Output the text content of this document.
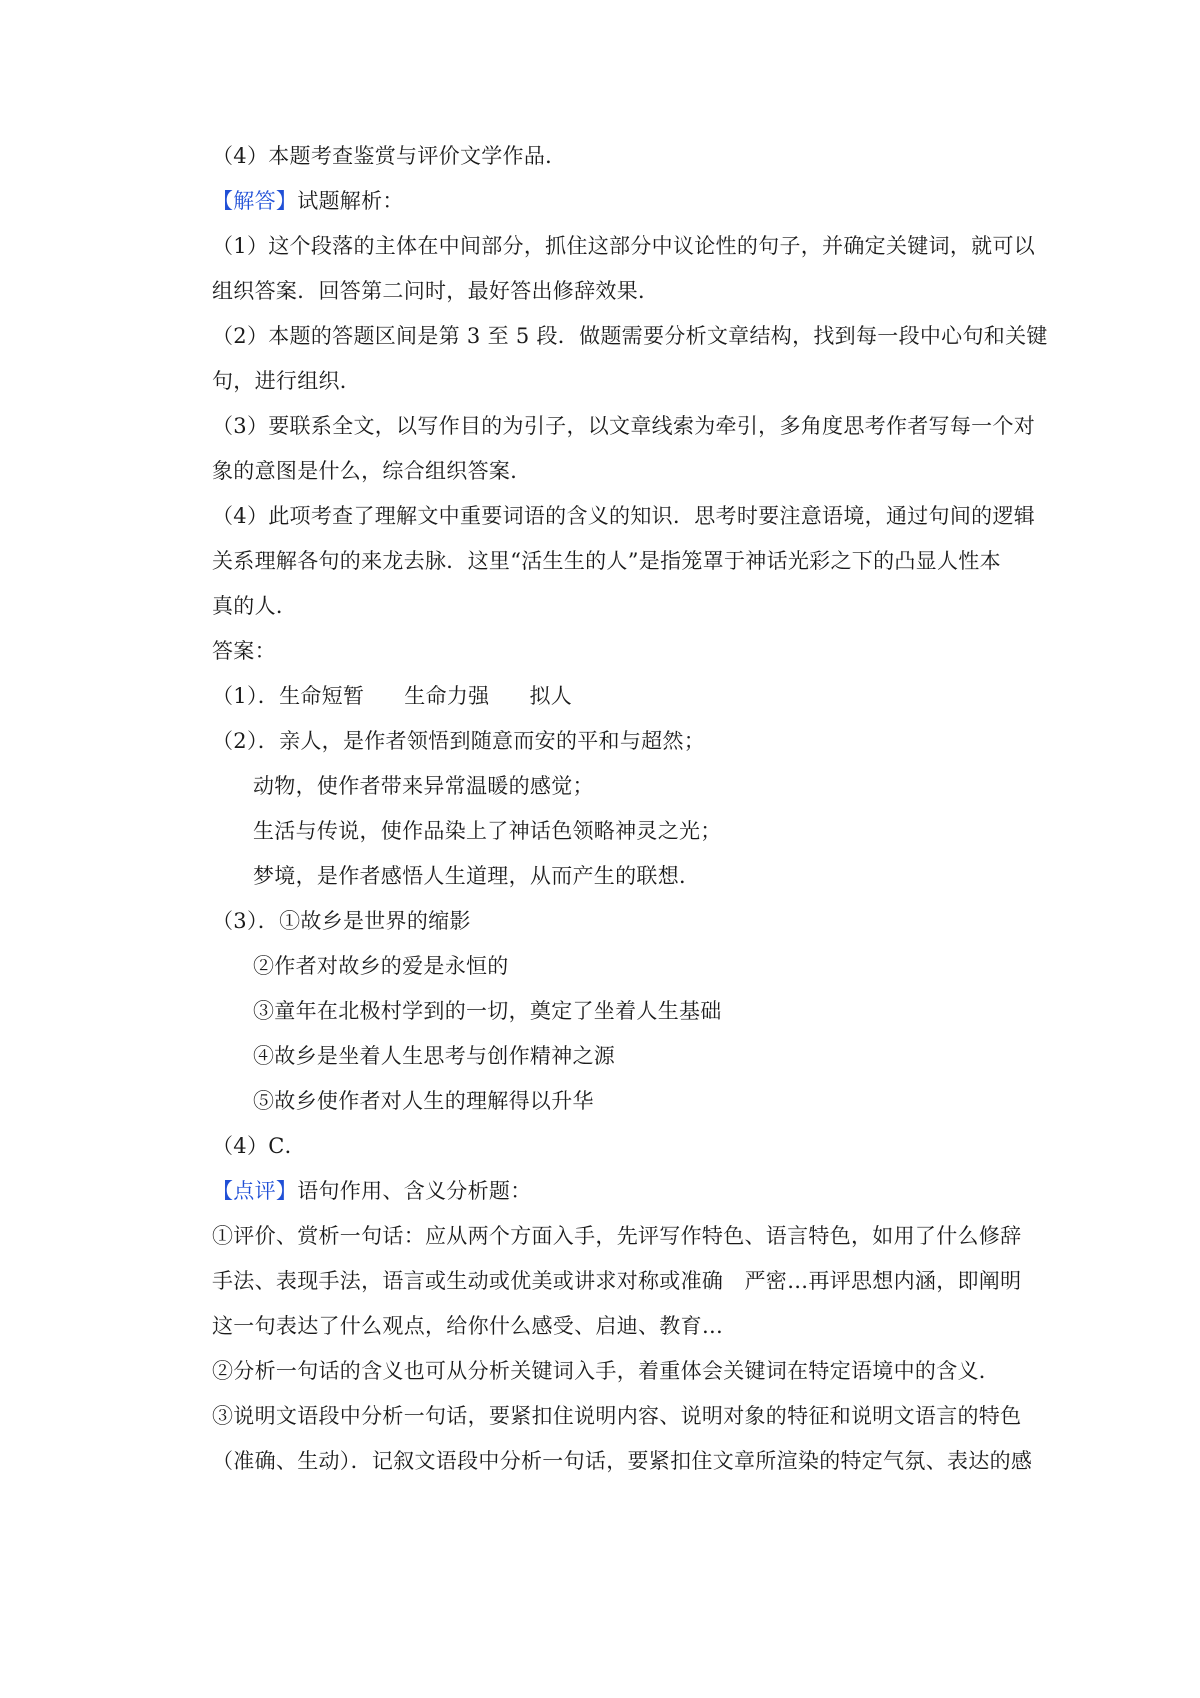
（4）本题考查鉴赏与评价文学作品．
【解答】试题解析：
（1）这个段落的主体在中间部分，抓住这部分中议论性的句子，并确定关键词，就可以
组织答案．回答第二问时，最好答出修辞效果．
（2）本题的答题区间是第 3 至 5 段．做题需要分析文章结构，找到每一段中心句和关键
句，进行组织．
（3）要联系全文，以写作目的为引子，以文章线索为牵引，多角度思考作者写每一个对
象的意图是什么，综合组织答案．
（4）此项考查了理解文中重要词语的含义的知识．思考时要注意语境，通过句间的逻辑
关系理解各句的来龙去脉．这里“活生生的人”是指笼罩于神话光彩之下的凸显人性本
真的人．
答案：
（1）．生命短暂 生命力强 拟人
（2）．亲人，是作者领悟到随意而安的平和与超然；
动物，使作者带来异常温暖的感觉；
生活与传说，使作品染上了神话色领略神灵之光；
梦境，是作者感悟人生道理，从而产生的联想．
（3）．①故乡是世界的缩影
②作者对故乡的爱是永恒的
③童年在北极村学到的一切，奠定了坐着人生基础
④故乡是坐着人生思考与创作精神之源
⑤故乡使作者对人生的理解得以升华
（4）C．
【点评】语句作用、含义分析题：
①评价、赏析一句话：应从两个方面入手，先评写作特色、语言特色，如用了什么修辞
手法、表现手法，语言或生动或优美或讲求对称或准确　严密…再评思想内涵，即阐明
这一句表达了什么观点，给你什么感受、启迪、教育…
②分析一句话的含义也可从分析关键词入手，着重体会关键词在特定语境中的含义．
③说明文语段中分析一句话，要紧扣住说明内容、说明对象的特征和说明文语言的特色
（准确、生动）．记叙文语段中分析一句话，要紧扣住文章所渲染的特定气氛、表达的感
